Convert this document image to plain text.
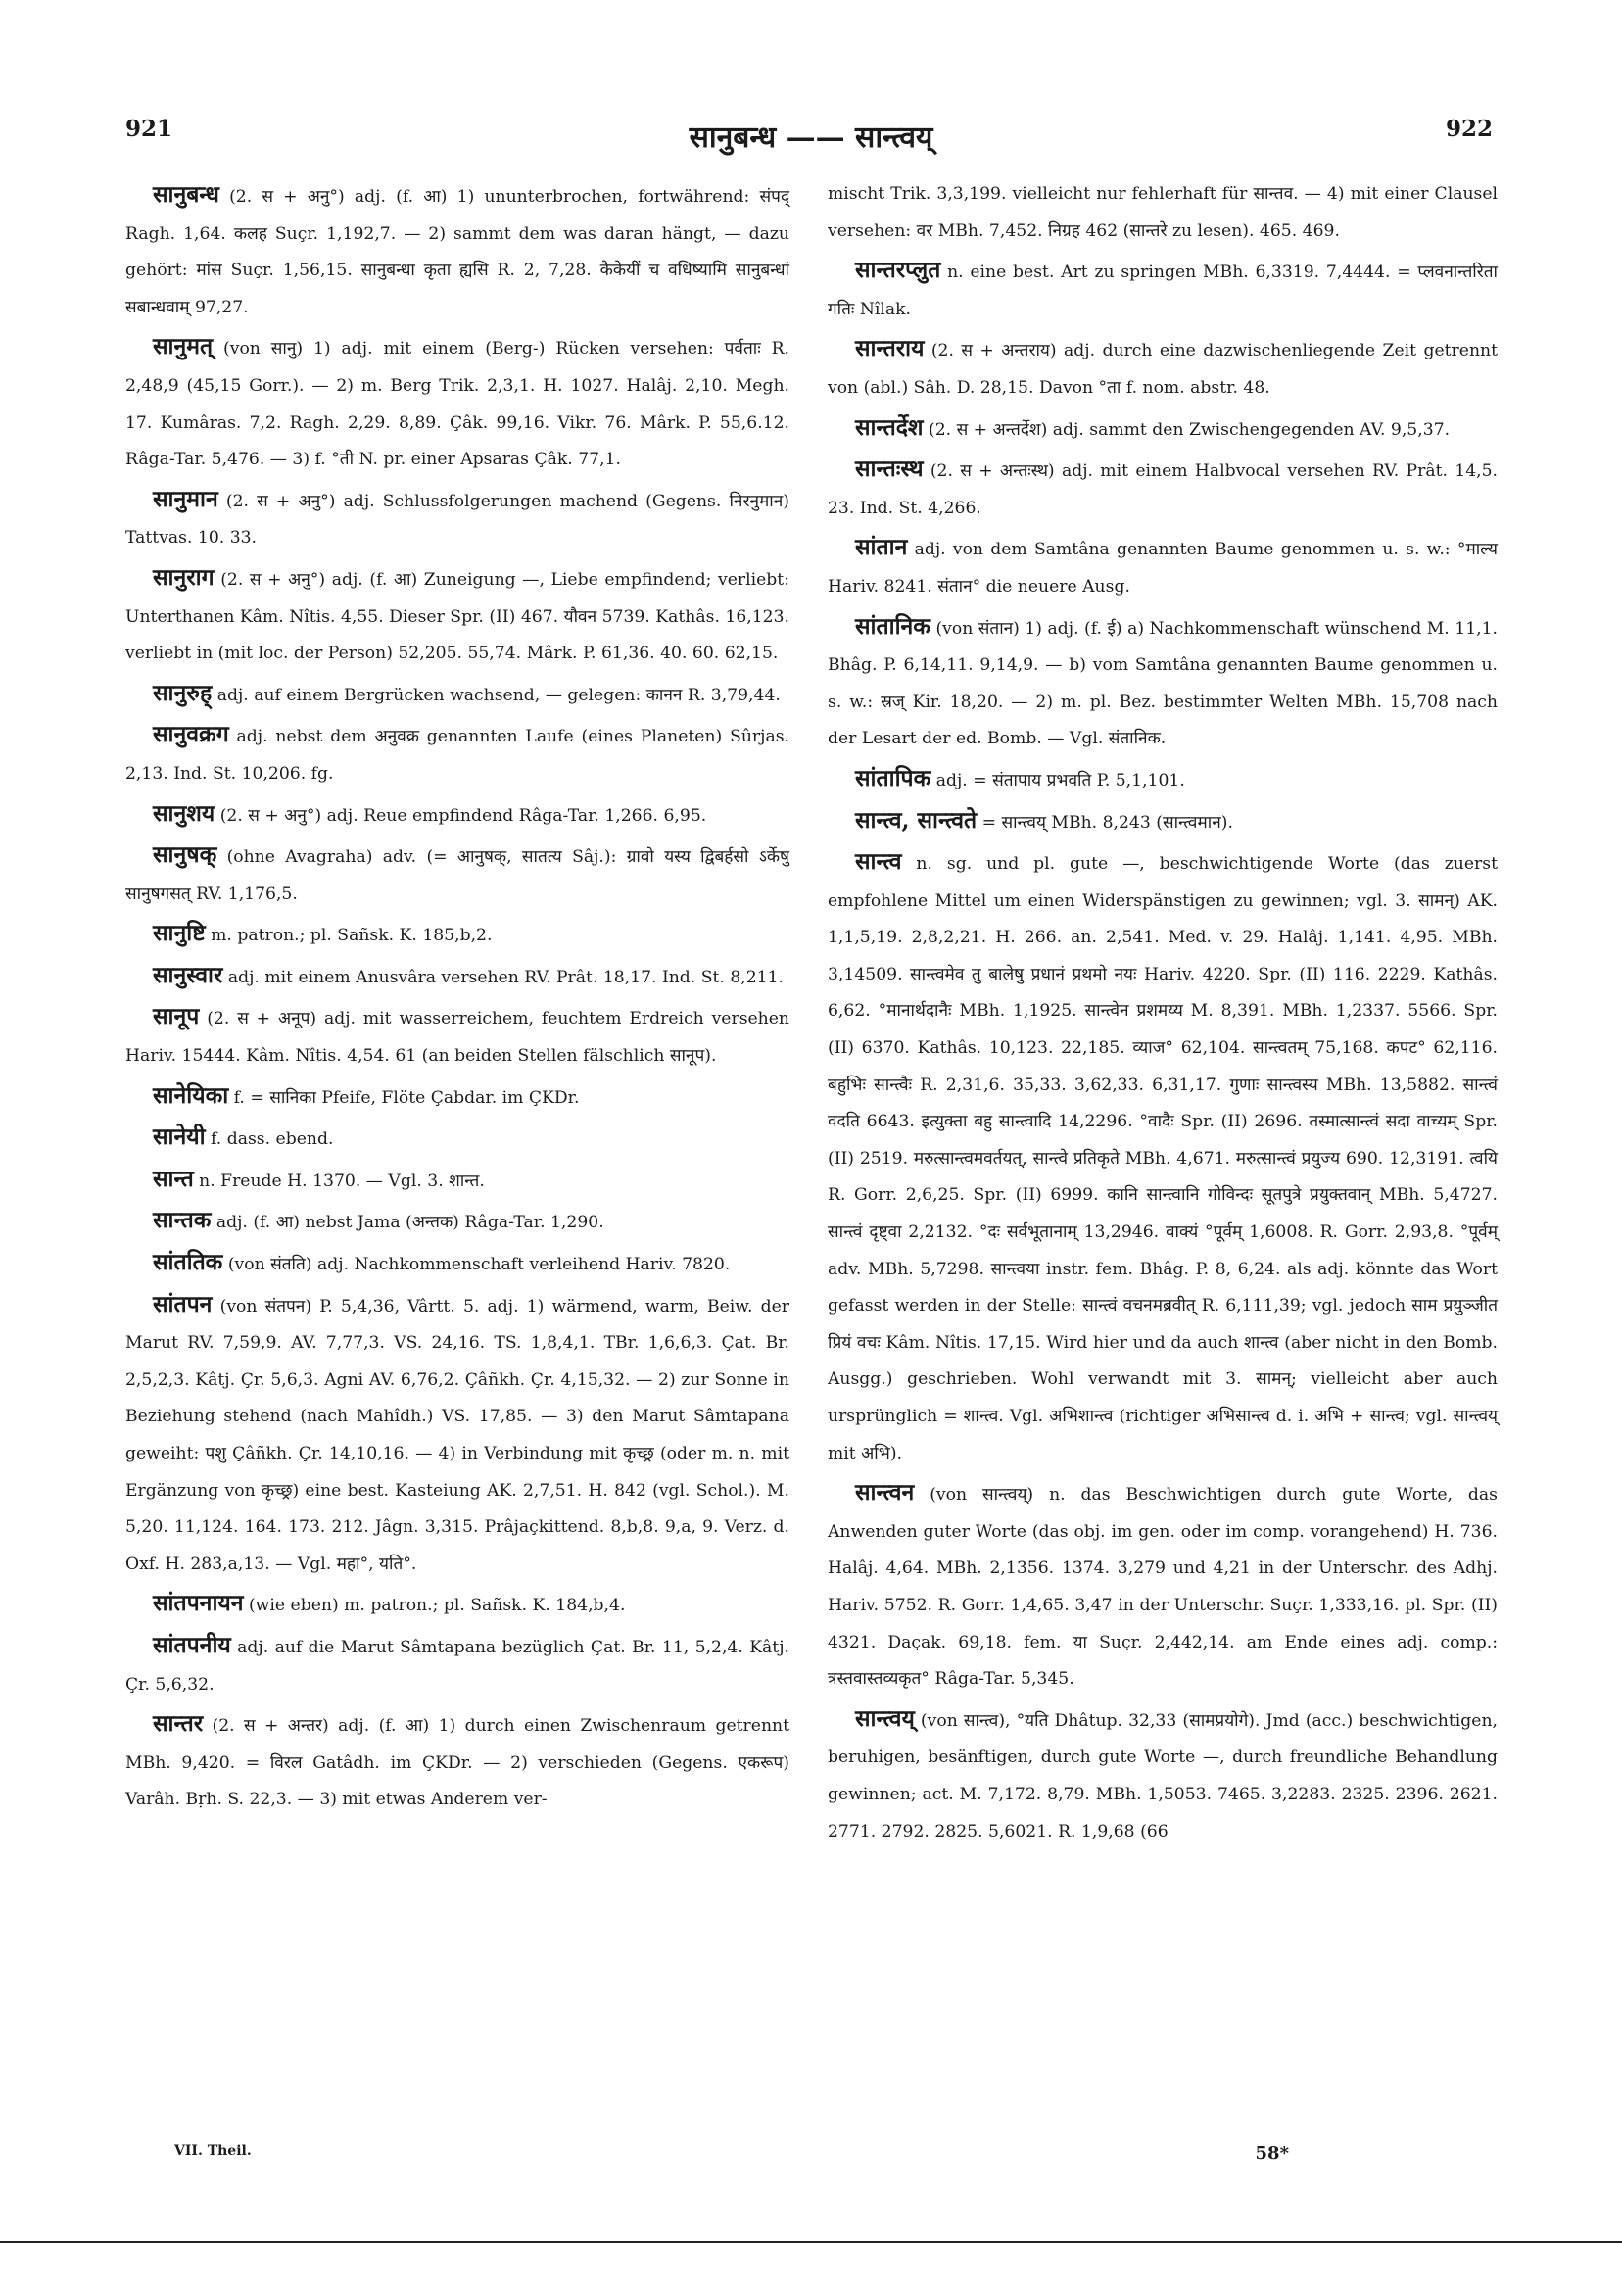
921	सानुबन्ध —— सान्त्वय्	922

सानुबन्ध (2. स + अनु°) adj. (f. आ) 1) ununterbrochen, fortwährend: संपद् Ragh. 1,64. कलह Suçr. 1,192,7. — 2) sammt dem was daran hängt, — dazu gehört: मांस Suçr. 1,56,15. सानुबन्धा कृता ह्यसि R. 2, 7,28. कैकेयीं च वधिष्यामि सानुबन्धां सबान्धवाम् 97,27.

सानुमत् (von सानु) 1) adj. mit einem (Berg-) Rücken versehen: पर्वताः R. 2,48,9 (45,15 Gorr.). — 2) m. Berg Trik. 2,3,1. H. 1027. Halâj. 2,10. Megh. 17. Kumâras. 7,2. Ragh. 2,29. 8,89. Çâk. 99,16. Vikr. 76. Mârk. P. 55,6.12. Râga-Tar. 5,476. — 3) f. °ती N. pr. einer Apsaras Çâk. 77,1.

सानुमान (2. स + अनु°) adj. Schlussfolgerungen machend (Gegens. निरनुमान) Tattvas. 10. 33.

सानुराग (2. स + अनु°) adj. (f. आ) Zuneigung —, Liebe empfindend; verliebt: Unterthanen Kâm. Nîtis. 4,55. Dieser Spr. (II) 467. यौवन 5739. Kathâs. 16,123. verliebt in (mit loc. der Person) 52,205. 55,74. Mârk. P. 61,36. 40. 60. 62,15.

सानुरुह् adj. auf einem Bergrücken wachsend, — gelegen: कानन R. 3,79,44.

सानुवक्रग adj. nebst dem अनुवक्र genannten Laufe (eines Planeten) Sûrjas. 2,13. Ind. St. 10,206. fg.

सानुशय (2. स + अनु°) adj. Reue empfindend Râga-Tar. 1,266. 6,95.

सानुषक् (ohne Avagraha) adv. (= आनुषक्, सातत्य Sâj.): ग्रावो यस्य द्विबर्हसो ऽर्केषु सानुषगसत् RV. 1,176,5.

सानुष्टि m. patron.; pl. Sañsk. K. 185,b,2.

सानुस्वार adj. mit einem Anusvâra versehen RV. Prât. 18,17. Ind. St. 8,211.

सानूप (2. स + अनूप) adj. mit wasserreichem, feuchtem Erdreich versehen Hariv. 15444. Kâm. Nîtis. 4,54. 61 (an beiden Stellen fälschlich सानूप).

सानेयिका f. = सानिका Pfeife, Flöte Çabdar. im ÇKDr.

सानेयी f. dass. ebend.

सान्त n. Freude H. 1370. — Vgl. 3. शान्त.

सान्तक adj. (f. आ) nebst Jama (अन्तक) Râga-Tar. 1,290.

सांततिक (von संतति) adj. Nachkommenschaft verleihend Hariv. 7820.

सांतपन (von संतपन) P. 5,4,36, Vârtt. 5. adj. 1) wärmend, warm, Beiw. der Marut RV. 7,59,9. AV. 7,77,3. VS. 24,16. TS. 1,8,4,1. TBr. 1,6,6,3. Çat. Br. 2,5,2,3. Kâtj. Çr. 5,6,3. Agni AV. 6,76,2. Çâñkh. Çr. 4,15,32. — 2) zur Sonne in Beziehung stehend (nach Mahîdh.) VS. 17,85. — 3) den Marut Sâmtapana geweiht: पशु Çâñkh. Çr. 14,10,16. — 4) in Verbindung mit कृच्छ्र (oder m. n. mit Ergänzung von कृच्छ्र) eine best. Kasteiung AK. 2,7,51. H. 842 (vgl. Schol.). M. 5,20. 11,124. 164. 173. 212. Jâgn. 3,315. Prâjaçkittend. 8,b,8. 9,a, 9. Verz. d. Oxf. H. 283,a,13. — Vgl. महा°, यति°.

सांतपनायन (wie eben) m. patron.; pl. Sañsk. K. 184,b,4.

सांतपनीय adj. auf die Marut Sâmtapana bezüglich Çat. Br. 11, 5,2,4. Kâtj. Çr. 5,6,32.

सान्तर (2. स + अन्तर) adj. (f. आ) 1) durch einen Zwischenraum getrennt MBh. 9,420. = विरल Gatâdh. im ÇKDr. — 2) verschieden (Gegens. एकरूप) Varâh. Bṛh. S. 22,3. — 3) mit etwas Anderem ver-

mischt Trik. 3,3,199. vielleicht nur fehlerhaft für सान्तव. — 4) mit einer Clausel versehen: वर MBh. 7,452. निग्रह 462 (सान्तरे zu lesen). 465. 469.

सान्तरप्लुत n. eine best. Art zu springen MBh. 6,3319. 7,4444. = प्लवनान्तरिता गतिः Nîlak.

सान्तराय (2. स + अन्तराय) adj. durch eine dazwischenliegende Zeit getrennt von (abl.) Sâh. D. 28,15. Davon °ता f. nom. abstr. 48.

सान्तर्देश (2. स + अन्तर्देश) adj. sammt den Zwischengegenden AV. 9,5,37.

सान्तःस्थ (2. स + अन्तःस्थ) adj. mit einem Halbvocal versehen RV. Prât. 14,5. 23. Ind. St. 4,266.

सांतान adj. von dem Samtâna genannten Baume genommen u. s. w.: °माल्य Hariv. 8241. संतान° die neuere Ausg.

सांतानिक (von संतान) 1) adj. (f. ई) a) Nachkommenschaft wünschend M. 11,1. Bhâg. P. 6,14,11. 9,14,9. — b) vom Samtâna genannten Baume genommen u. s. w.: स्रज् Kir. 18,20. — 2) m. pl. Bez. bestimmter Welten MBh. 15,708 nach der Lesart der ed. Bomb. — Vgl. संतानिक.

सांतापिक adj. = संतापाय प्रभवति P. 5,1,101.

सान्त्व, सान्त्वते = सान्त्वय् MBh. 8,243 (सान्त्वमान).

सान्त्व n. sg. und pl. gute —, beschwichtigende Worte (das zuerst empfohlene Mittel um einen Widerspänstigen zu gewinnen; vgl. 3. सामन्) AK. 1,1,5,19. 2,8,2,21. H. 266. an. 2,541. Med. v. 29. Halâj. 1,141. 4,95. MBh. 3,14509. सान्त्वमेव तु बालेषु प्रधानं प्रथमो नयः Hariv. 4220. Spr. (II) 116. 2229. Kathâs. 6,62. °मानार्थदानैः MBh. 1,1925. सान्त्वेन प्रशमय्य M. 8,391. MBh. 1,2337. 5566. Spr. (II) 6370. Kathâs. 10,123. 22,185. व्याज° 62,104. सान्त्वतम् 75,168. कपट° 62,116. बहुभिः सान्त्वैः R. 2,31,6. 35,33. 3,62,33. 6,31,17. गुणाः सान्त्वस्य MBh. 13,5882. सान्त्वं वदति 6643. इत्युक्ता बहु सान्त्वादि 14,2296. °वादैः Spr. (II) 2696. तस्मात्सान्त्वं सदा वाच्यम् Spr. (II) 2519. मरुत्सान्त्वमवर्तयत्, सान्त्वे प्रतिकृते MBh. 4,671. मरुत्सान्त्वं प्रयुज्य 690. 12,3191. त्वयि R. Gorr. 2,6,25. Spr. (II) 6999. कानि सान्त्वानि गोविन्दः सूतपुत्रे प्रयुक्तवान् MBh. 5,4727. सान्त्वं दृष्ट्वा 2,2132. °दः सर्वभूतानाम् 13,2946. वाक्यं °पूर्वम् 1,6008. R. Gorr. 2,93,8. °पूर्वम् adv. MBh. 5,7298. सान्त्वया instr. fem. Bhâg. P. 8, 6,24. als adj. könnte das Wort gefasst werden in der Stelle: सान्त्वं वचनमब्रवीत् R. 6,111,39; vgl. jedoch साम प्रयुञ्जीत प्रियं वचः Kâm. Nîtis. 17,15. Wird hier und da auch शान्त्व (aber nicht in den Bomb. Ausgg.) geschrieben. Wohl verwandt mit 3. सामन्; vielleicht aber auch ursprünglich = शान्त्व. Vgl. अभिशान्त्व (richtiger अभिसान्त्व d. i. अभि + सान्त्व; vgl. सान्त्वय् mit अभि).

सान्त्वन (von सान्त्वय्) n. das Beschwichtigen durch gute Worte, das Anwenden guter Worte (das obj. im gen. oder im comp. vorangehend) H. 736. Halâj. 4,64. MBh. 2,1356. 1374. 3,279 und 4,21 in der Unterschr. des Adhj. Hariv. 5752. R. Gorr. 1,4,65. 3,47 in der Unterschr. Suçr. 1,333,16. pl. Spr. (II) 4321. Daçak. 69,18. fem. या Suçr. 2,442,14. am Ende eines adj. comp.: त्रस्तवास्तव्यकृत° Râga-Tar. 5,345.

सान्त्वय् (von सान्त्व), °यति Dhâtup. 32,33 (सामप्रयोगे). Jmd (acc.) beschwichtigen, beruhigen, besänftigen, durch gute Worte —, durch freundliche Behandlung gewinnen; act. M. 7,172. 8,79. MBh. 1,5053. 7465. 3,2283. 2325. 2396. 2621. 2771. 2792. 2825. 5,6021. R. 1,9,68 (66

VII. Theil.	58*
